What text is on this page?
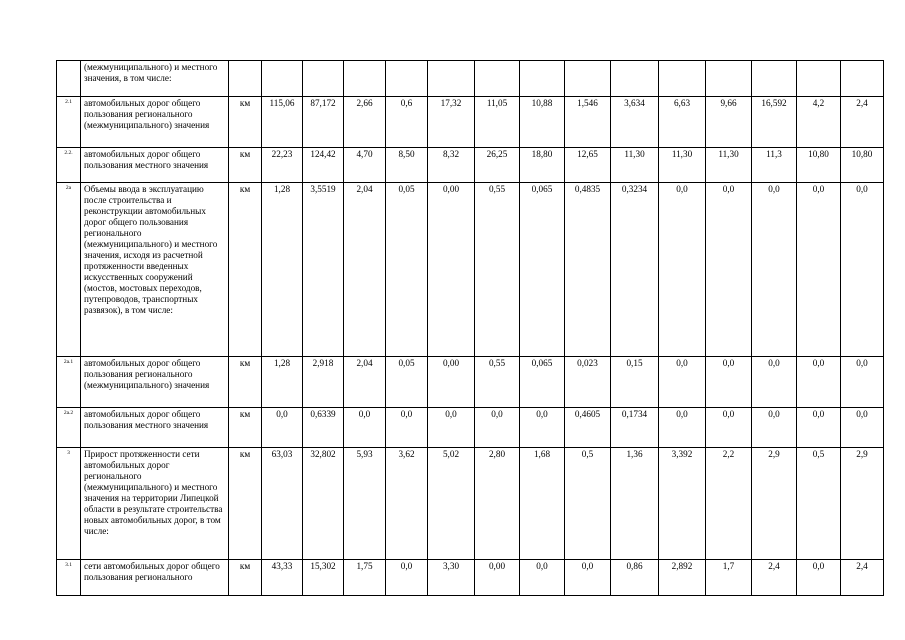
	(межмуниципального) и местного значения, в том числе:															
2.1	автомобильных дорог общего пользования регионального (межмуниципального) значения	км	115,06	87,172	2,66	0,6	17,32	11,05	10,88	1,546	3,634	6,63	9,66	16,592	4,2	2,4
2.2.	автомобильных дорог общего пользования местного значения	км	22,23	124,42	4,70	8,50	8,32	26,25	18,80	12,65	11,30	11,30	11,30	11,3	10,80	10,80
2а	Объемы ввода в эксплуатацию после строительства и реконструкции автомобильных дорог общего пользования регионального (межмуниципального) и местного значения, исходя из расчетной протяженности введенных искусственных сооружений (мостов, мостовых переходов, путепроводов, транспортных развязок), в том числе:	км	1,28	3,5519	2,04	0,05	0,00	0,55	0,065	0,4835	0,3234	0,0	0,0	0,0	0,0	0,0
2а.1	автомобильных дорог общего пользования регионального (межмуниципального) значения	км	1,28	2,918	2,04	0,05	0,00	0,55	0,065	0,023	0,15	0,0	0,0	0,0	0,0	0,0
2а.2	автомобильных дорог общего пользования местного значения	км	0,0	0,6339	0,0	0,0	0,0	0,0	0,0	0,4605	0,1734	0,0	0,0	0,0	0,0	0,0
3	Прирост протяженности сети автомобильных дорог регионального (межмуниципального) и местного значения на территории Липецкой области в результате строительства новых автомобильных дорог, в том числе:	км	63,03	32,802	5,93	3,62	5,02	2,80	1,68	0,5	1,36	3,392	2,2	2,9	0,5	2,9
3.1	сети автомобильных дорог общего пользования регионального	км	43,33	15,302	1,75	0,0	3,30	0,00	0,0	0,0	0,86	2,892	1,7	2,4	0,0	2,4
